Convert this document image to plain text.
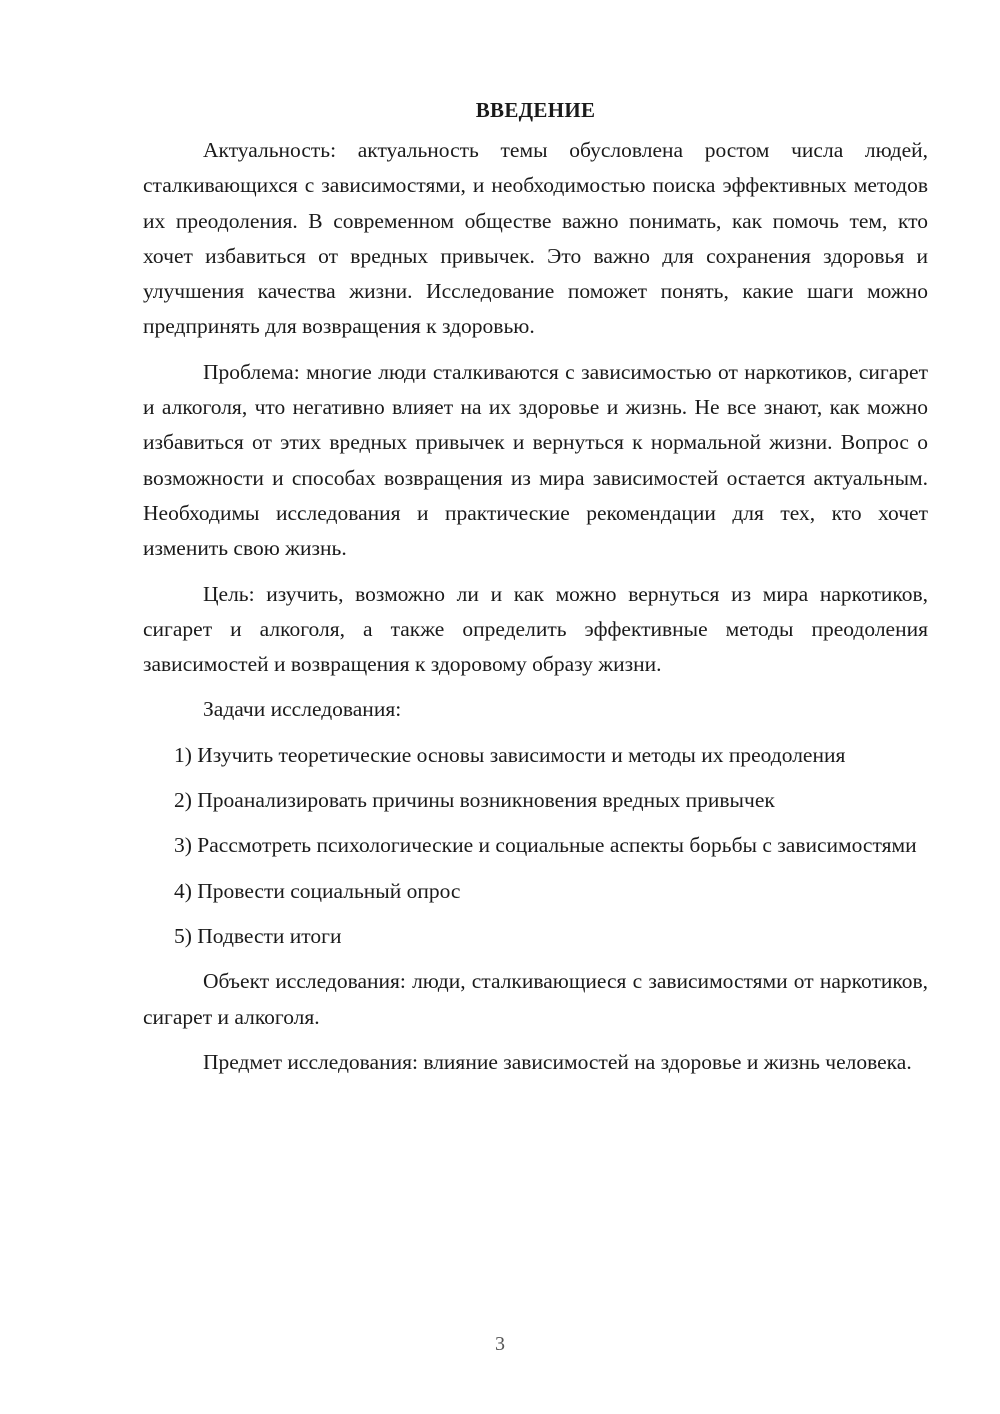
ВВЕДЕНИЕ

Актуальность: актуальность темы обусловлена ростом числа людей, сталкивающихся с зависимостями, и необходимостью поиска эффективных методов их преодоления. В современном обществе важно понимать, как помочь тем, кто хочет избавиться от вредных привычек. Это важно для сохранения здоровья и улучшения качества жизни. Исследование поможет понять, какие шаги можно предпринять для возвращения к здоровью.

Проблема: многие люди сталкиваются с зависимостью от наркотиков, сигарет и алкоголя, что негативно влияет на их здоровье и жизнь. Не все знают, как можно избавиться от этих вредных привычек и вернуться к нормальной жизни. Вопрос о возможности и способах возвращения из мира зависимостей остается актуальным. Необходимы исследования и практические рекомендации для тех, кто хочет изменить свою жизнь.

Цель: изучить, возможно ли и как можно вернуться из мира наркотиков, сигарет и алкоголя, а также определить эффективные методы преодоления зависимостей и возвращения к здоровому образу жизни.

Задачи исследования:

1) Изучить теоретические основы зависимости и методы их преодоления

2) Проанализировать причины возникновения вредных привычек

3) Рассмотреть психологические и социальные аспекты борьбы с зависимостями

4) Провести социальный опрос

5) Подвести итоги

Объект исследования: люди, сталкивающиеся с зависимостями от наркотиков, сигарет и алкоголя.

Предмет исследования: влияние зависимостей на здоровье и жизнь человека.

3
